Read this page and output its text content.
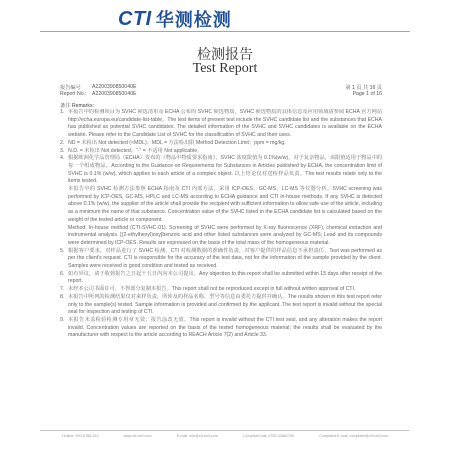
CTI 华测检测
检测报告
Test Report
报告编号 A2200390850040E	第 1 页 共 16 页
Report No.: A2200390850040E	Page 1 of 16
备注 Remarks:
1. 本报告中的检测项目为 SVHC 候选清单及 ECHA 公布的 SVHC 候选物质，SVHC 候选物质的具体信息及应用领域请参阅 ECHA 官方网站 http://echa.europa.eu/candidate-list-table。The test items of present test include the SVHC candidate list and the substances that ECHA has published as potential SVHC candidates. The detailed information of the SVHC and SVHC candidates is available on the ECHA website. Please refer to the Candidate List of SVHC for the classification of SVHC and their uses.
2. ND = 未检出 Not detected (<MDL)；MDL = 方法检出限 Method Detection Limit；ppm = mg/kg.
3. N.D. = 未检出 Not detected；"-" = 不适用 Not applicable。
4. 根据欧洲化学品管理局（ECHA）发布的《物品中物质要求指南》，SVHC 浓度限值为 0.1%(w/w)，对于复杂物品，该限值适用于物品中的每一个组成物品。According to the Guidance on Requirements for Substances in Articles published by ECHA, the concentration limit of SVHC is 0.1% (w/w), which applies to each article of a complex object. 以上结论仅对送检样品负责。The test results relate only to the items tested.
本报告中的 SVHC 检测方法参照 ECHA 指南及 CTI 内部方法，采用 ICP-OES、GC-MS、LC-MS 等仪器分析。SVHC screening was performed by ICP-OES, GC-MS, HPLC and LC-MS according to ECHA guidance and CTI in-house methods. If any SVHC is detected above 0.1% (w/w), the supplier of the article shall provide the recipient with sufficient information to allow safe use of the article, including as a minimum the name of that substance. Concentration value of the SVHC listed in the ECHA candidate list is calculated based on the weight of the tested article or component.
Method: In-house method (CTI-SVHC-01). Screening of SVHC were performed by X-ray fluorescence (XRF), chemical extraction and instrumental analysis. [(2-ethylhexyl)oxy]benzoic acid and other listed substances were analyzed by GC-MS; Lead and its compounds were determined by ICP-OES. Results are expressed on the basis of the total mass of the homogeneous material.
5. 根据客户要求，对样品进行了 SVHC 检测。CTI 对检测数据的准确性负责，对客户提供的样品信息不承担责任。Test was performed as per the client's request. CTI is responsible for the accuracy of the test data, not for the information of the sample provided by the client. Samples were received in good condition and tested as received.
6. 如有异议，请于收到报告之日起十五日内向本公司提出。Any objection to this report shall be submitted within 15 days after receipt of the report.
7. 未经本公司书面许可，不得部分复制本报告。This report shall not be reproduced except in full without written approval of CTI.
8. 本报告中所列的检测结果仅对来样负责，所涉及的样品名称、型号等信息由委托方提供并确认。The results shown in this test report refer only to the sample(s) tested. Sample information is provided and confirmed by the applicant. The test report is invalid without the special seal for inspection and testing of CTI.
9. 本报告未盖检验检测专用章无效；报告涂改无效。This report is invalid without the CTI test seal, and any alteration makes the report invalid. Concentration values are reported on the basis of the tested homogeneous material; the results shall be evaluated by the manufacturer with respect to the article according to REACH Article 7(2) and Article 33.
Hotline: 400-6788-333	www.cti-cert.com	E-mail: info@cti-cert.com	Complaint call: 0755-33681700	Complaint E-mail: complaint@cti-cert.com
